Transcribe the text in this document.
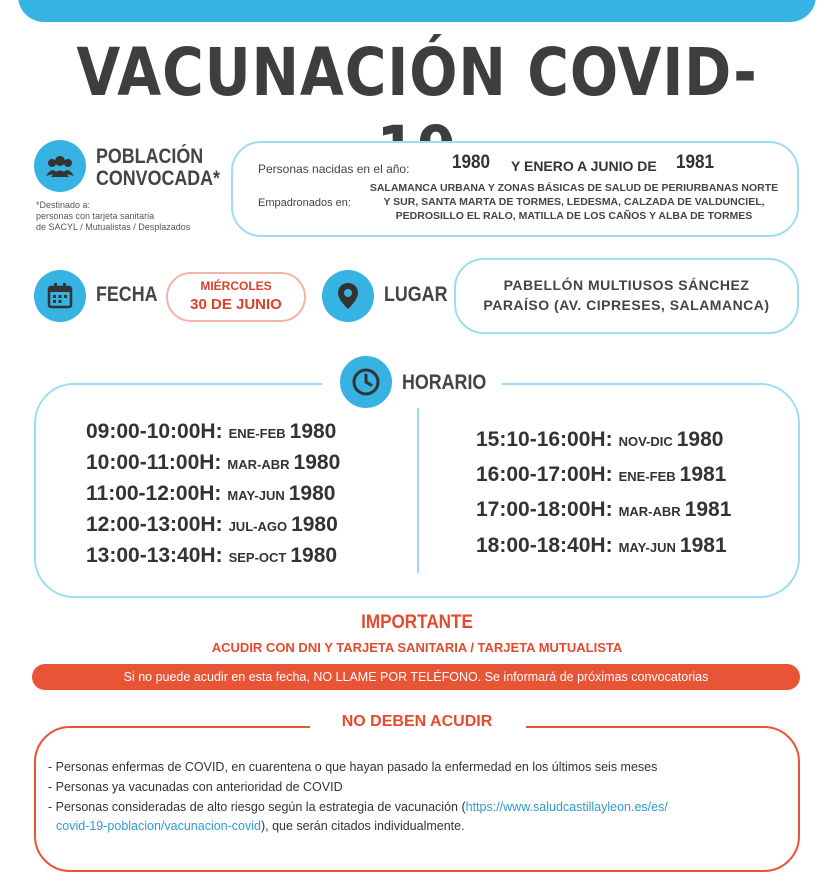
VACUNACIÓN COVID-
POBLACIÓN
CONVOCADA*
*Destinado a:
personas con tarjeta sanitaria
de SACYL / Mutualistas / Desplazados
Personas nacidas en el año: 1980 Y ENERO A JUNIO DE 1981
Empadronados en:
SALAMANCA URBANA Y ZONAS BÁSICAS DE SALUD DE PERIURBANAS NORTE
Y SUR, SANTA MARTA DE TORMES, LEDESMA, CALZADA DE VALDUNCIEL,
PEDROSILLO EL RALO, MATILLA DE LOS CAÑOS Y ALBA DE TORMES
FECHA	MIÉRCOLES
30 DE JUNIO	LUGAR	PABELLÓN MULTIUSOS SÁNCHEZ
PARAÍSO (AV. CIPRESES, SALAMANCA)
HORARIO
09:00-10:00H: ENE-FEB 1980
10:00-11:00H: MAR-ABR 1980
11:00-12:00H: MAY-JUN 1980
12:00-13:00H: JUL-AGO 1980
13:00-13:40H: SEP-OCT 1980
15:10-16:00H: NOV-DIC 1980
16:00-17:00H: ENE-FEB 1981
17:00-18:00H: MAR-ABR 1981
18:00-18:40H: MAY-JUN 1981
IMPORTANTE
ACUDIR CON DNI Y TARJETA SANITARIA / TARJETA MUTUALISTA
Si no puede acudir en esta fecha, NO LLAME POR TELÉFONO. Se informará de próximas convocatorias
NO DEBEN ACUDIR
- Personas enfermas de COVID, en cuarentena o que hayan pasado la enfermedad en los últimos seis meses
- Personas ya vacunadas con anterioridad de COVID
- Personas consideradas de alto riesgo según la estrategia de vacunación (https://www.saludcastillayleon.es/es/
covid-19-poblacion/vacunacion-covid), que serán citados individualmente.
